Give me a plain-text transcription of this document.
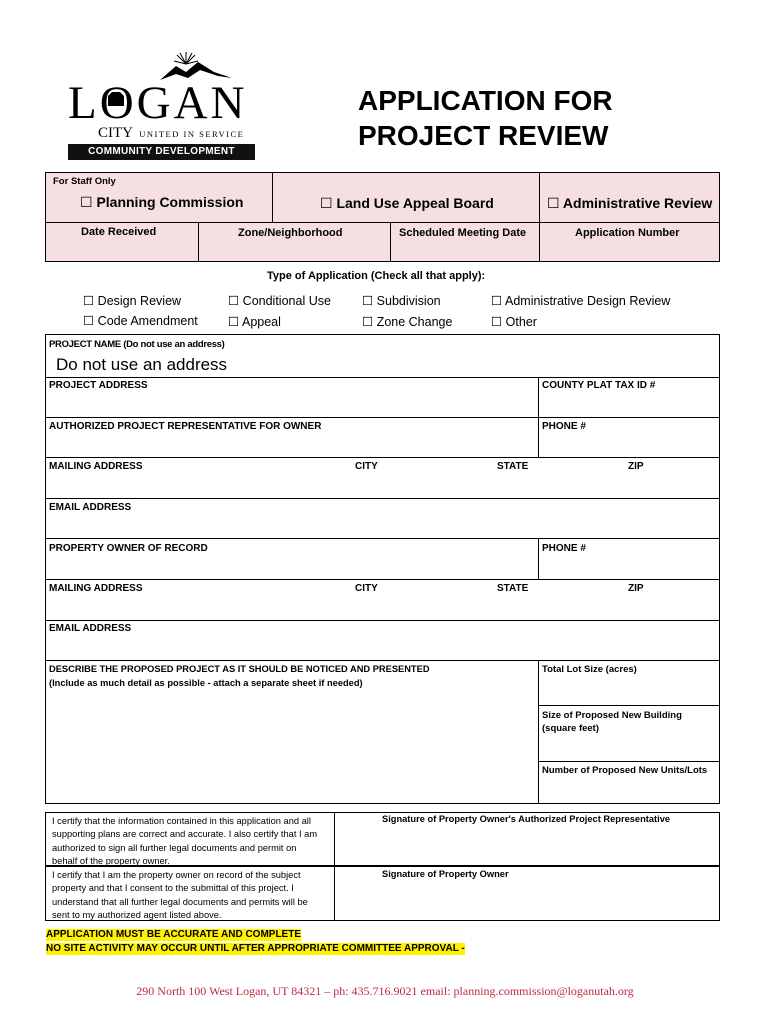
LOGAN
CITY UNITED IN SERVICE
COMMUNITY DEVELOPMENT
APPLICATION FOR
PROJECT REVIEW
For Staff Only
☐ Planning Commission	☐ Land Use Appeal Board	☐ Administrative Review
Date Received	Zone/Neighborhood	Scheduled Meeting Date	Application Number
Type of Application (Check all that apply):
☐ Design Review	☐ Conditional Use ☐ Subdivision	☐ Administrative Design Review
☐ Code Amendment ☐ Appeal	☐ Zone Change	☐ Other
PROJECT NAME (Do not use an address)
Do not use an address
PROJECT ADDRESS	COUNTY PLAT TAX ID #
AUTHORIZED PROJECT REPRESENTATIVE FOR OWNER	PHONE #
MAILING ADDRESS	CITY	STATE	ZIP
EMAIL ADDRESS
PROPERTY OWNER OF RECORD	PHONE #
MAILING ADDRESS	CITY	STATE	ZIP
EMAIL ADDRESS
DESCRIBE THE PROPOSED PROJECT AS IT SHOULD BE NOTICED AND PRESENTED
(Include as much detail as possible - attach a separate sheet if needed)
Total Lot Size (acres)
Size of Proposed New Building
(square feet)
Number of Proposed New Units/Lots
I certify that the information contained in this application and all supporting plans are correct and accurate. I also certify that I am authorized to sign all further legal documents and permit on behalf of the property owner.
I certify that I am the property owner on record of the subject property and that I consent to the submittal of this project. I understand that all further legal documents and permits will be sent to my authorized agent listed above.
Signature of Property Owner's Authorized Project Representative
Signature of Property Owner
APPLICATION MUST BE ACCURATE AND COMPLETE
NO SITE ACTIVITY MAY OCCUR UNTIL AFTER APPROPRIATE COMMITTEE APPROVAL -
290 North 100 West Logan, UT 84321 – ph: 435.716.9021 email: planning.commission@loganutah.org
